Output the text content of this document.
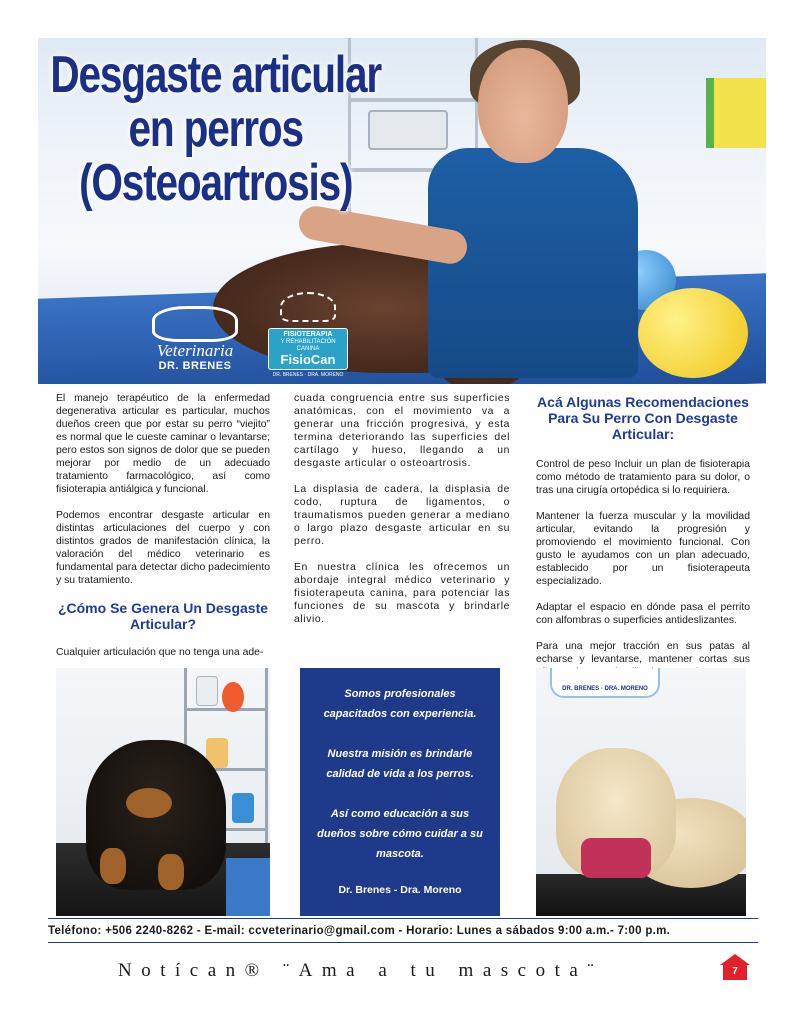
Desgaste articular
en perros
(Osteoartrosis)
Veterinaria
DR. BRENES
FISIOTERAPIA
Y REHABILITACIÓN CANINA
FisioCan
DR. BRENES · DRA. MORENO

El manejo terapéutico de la enfermedad degenerativa articular es particular, muchos dueños creen que por estar su perro “viejito” es normal que le cueste caminar o levantarse; pero estos son signos de dolor que se pueden mejorar por medio de un adecuado tratamiento farmacológico, así como fisioterapia antiálgica y funcional.

Podemos encontrar desgaste articular en distintas articulaciones del cuerpo y con distintos grados de manifestación clínica, la valoración del médico veterinario es fundamental para detectar dicho padecimiento y su tratamiento.

¿Cómo Se Genera Un Desgaste Articular?

Cualquier articulación que no tenga una ade-

cuada congruencia entre sus superficies anatómicas, con el movimiento va a generar una fricción progresiva, y esta termina deteriorando las superficies del cartílago y hueso, llegando a un desgaste articular o osteoartrosis.

La displasia de cadera, la displasia de codo, ruptura de ligamentos, o traumatismos pueden generar a mediano o largo plazo desgaste articular en su perro.

En nuestra clínica les ofrecemos un abordaje integral médico veterinario y fisioterapeuta canina, para potenciar las funciones de su mascota y brindarle alivio.

Acá Algunas Recomendaciones Para Su Perro Con Desgaste Articular:

Control de peso Incluir un plan de fisioterapia como método de tratamiento para su dolor, o tras una cirugía ortopédica si lo requiriera.

Mantener la fuerza muscular y la movilidad articular, evitando la progresión y promoviendo el movimiento funcional. Con gusto le ayudamos con un plan adecuado, establecido por un fisioterapeuta especializado.

Adaptar el espacio en dónde pasa el perrito con alfombras o superficies antideslizantes.

Para una mejor tracción en sus patas al echarse y levantarse, mantener cortas sus

Somos profesionales capacitados con experiencia.

Nuestra misión es brindarle calidad de vida a los perros.

Así como educación a sus dueños sobre cómo cuidar a su mascota.

Dr. Brenes - Dra. Moreno

DR. BRENES · DRA. MORENO
Teléfono: +506 2240-8262 - E-mail: ccveterinario@gmail.com - Horario: Lunes a sábados 9:00 a.m.- 7:00 p.m.
Notícan® ¨Ama a tu mascota¨	7
